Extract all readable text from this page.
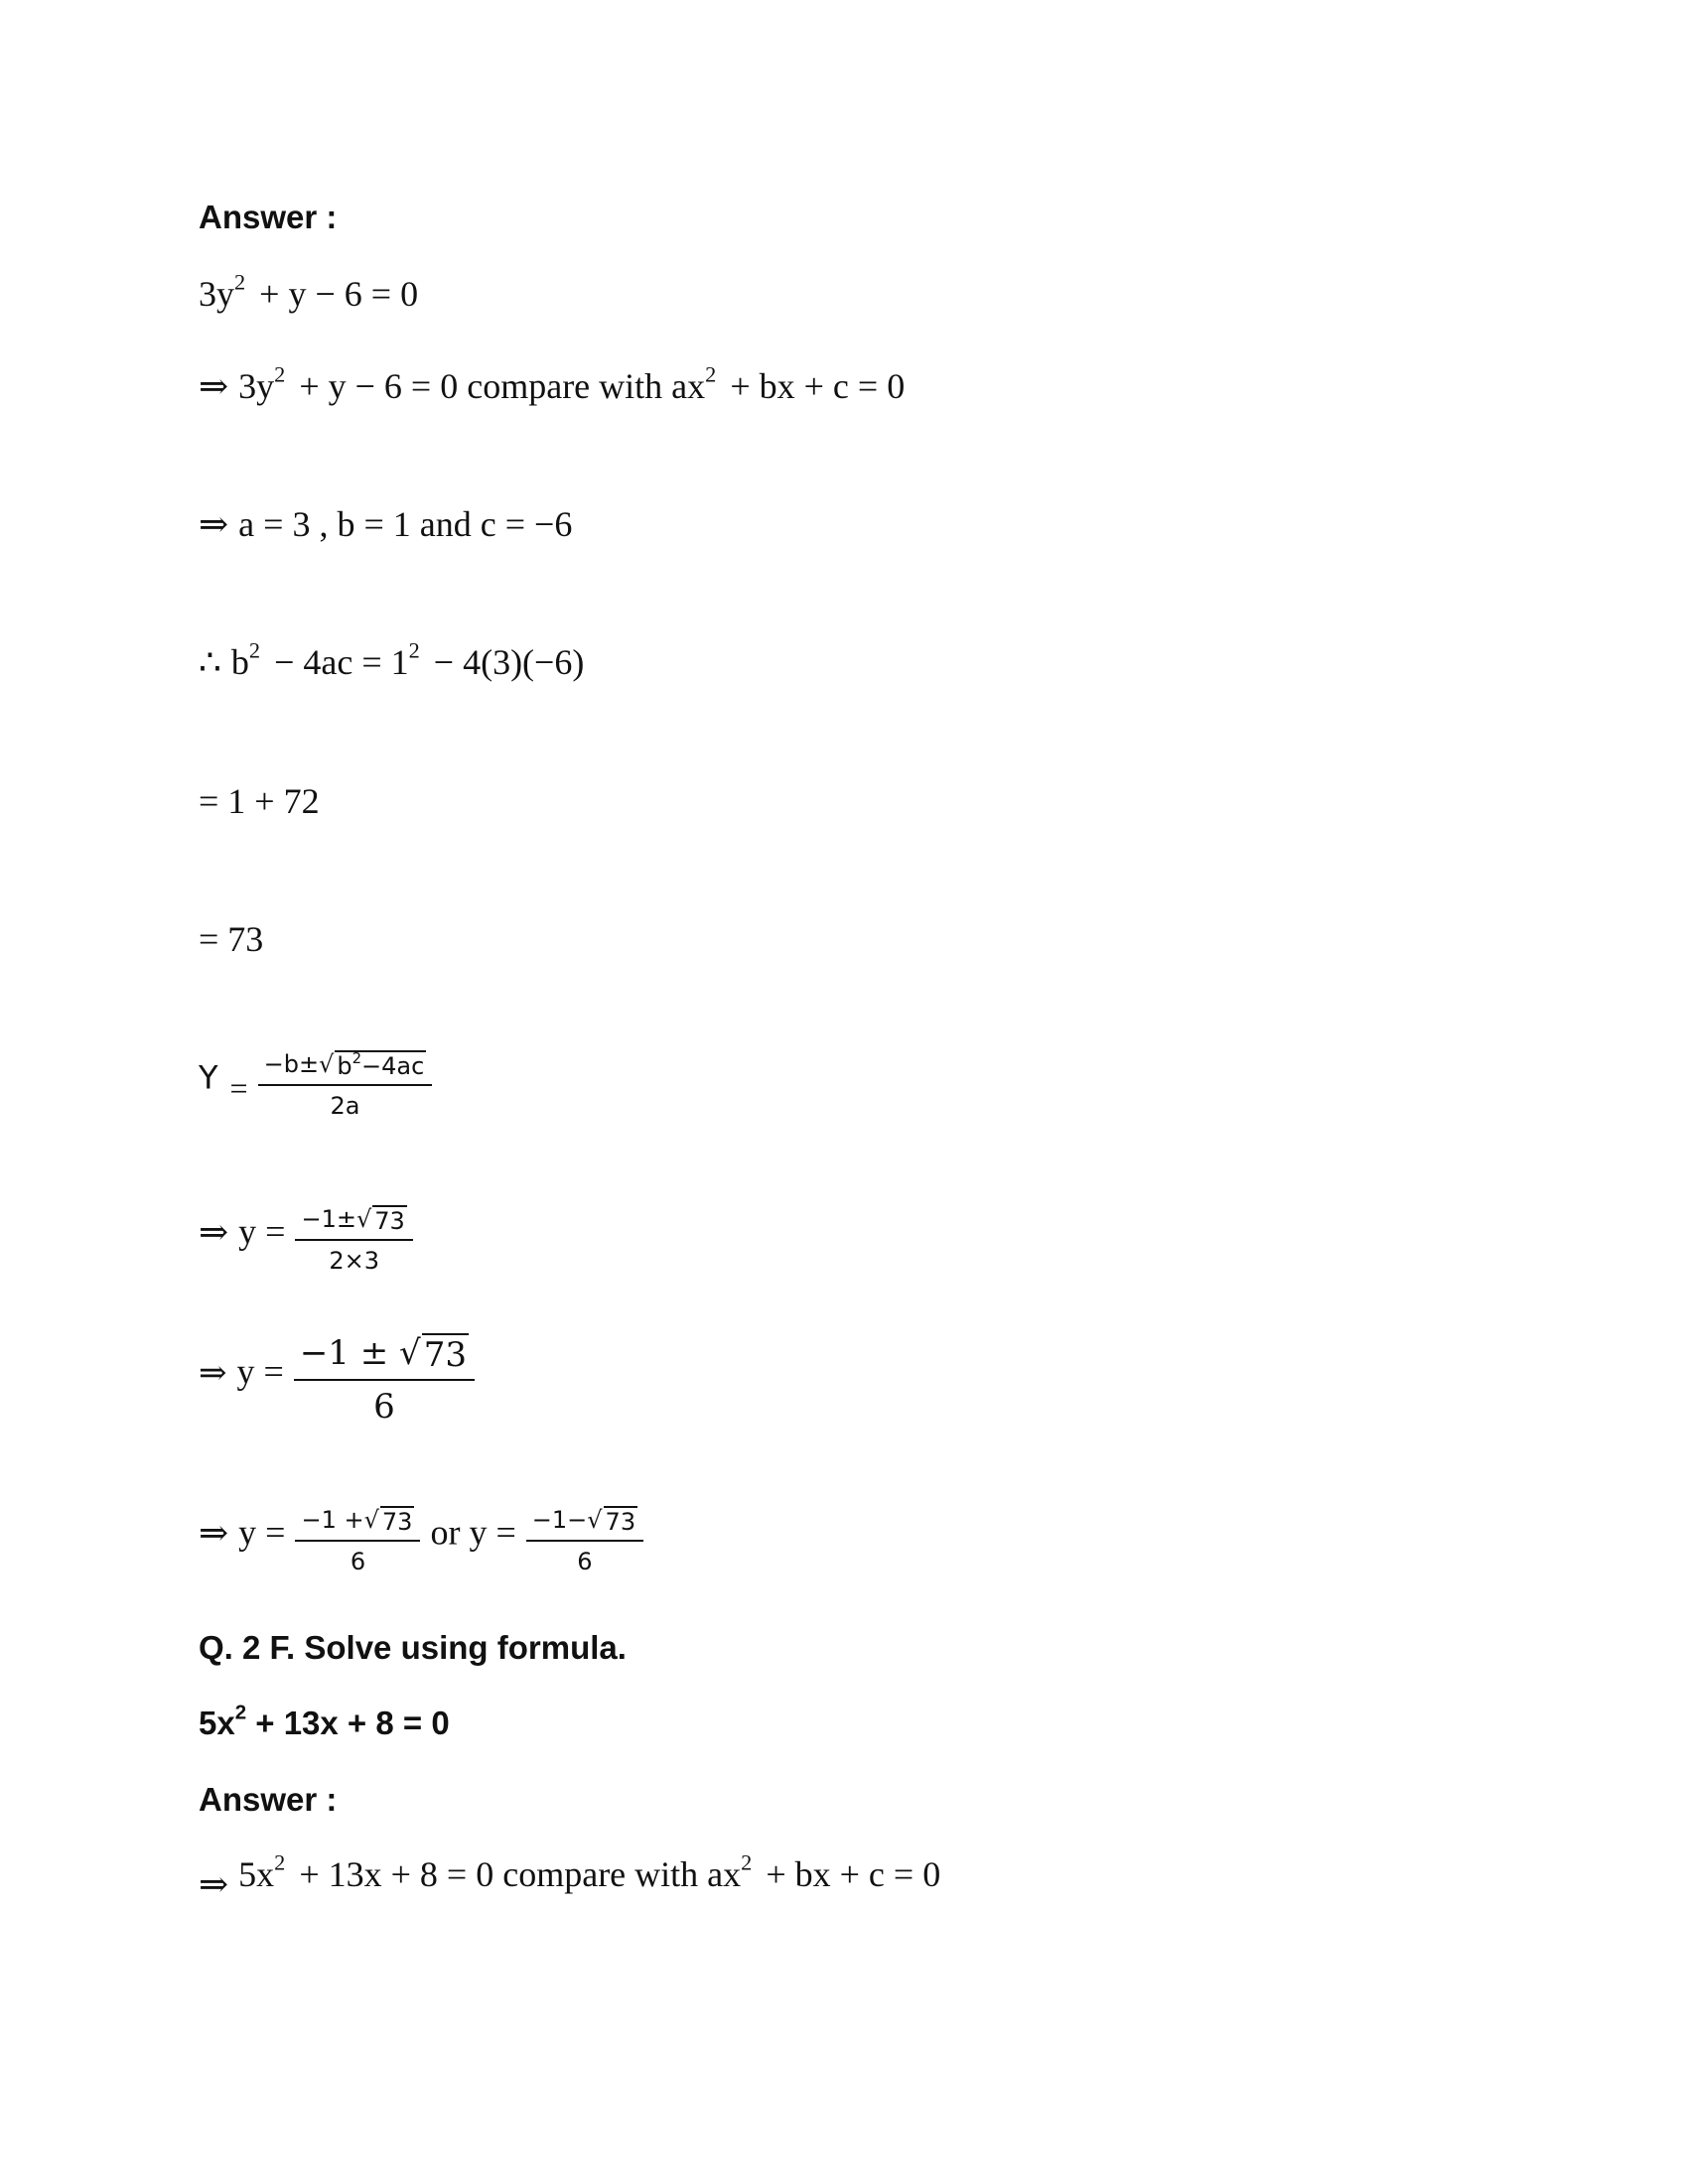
Answer :
$3y^2 + y - 6 = 0$
⇒ $3y^2 + y - 6 = 0$ compare with $ax^2$ + bx + c = 0
⇒ a = 3 , b = 1 and c = −6
∴ $b^2 - 4ac = 1^2 - 4(3)(-6)$
= 1 + 72
= 73
$Y = \frac{-b\pm√ b^2-4ac}{2a}$
⇒ $y = \frac{-1\pm√ 73}{2\times 3}$
⇒ $y = \frac{-1 \pm √ 73}{6}$
⇒ $y = \frac{-1 +√ 73}{6}$ or $y = \frac{-1-√ 73}{6}$
Q. 2 F. Solve using formula.
$5x^2 + 13x + 8 = 0$
Answer :
⇒ $5x^2 + 13x + 8 = 0$ compare with $ax^2$ + bx + c = 0
